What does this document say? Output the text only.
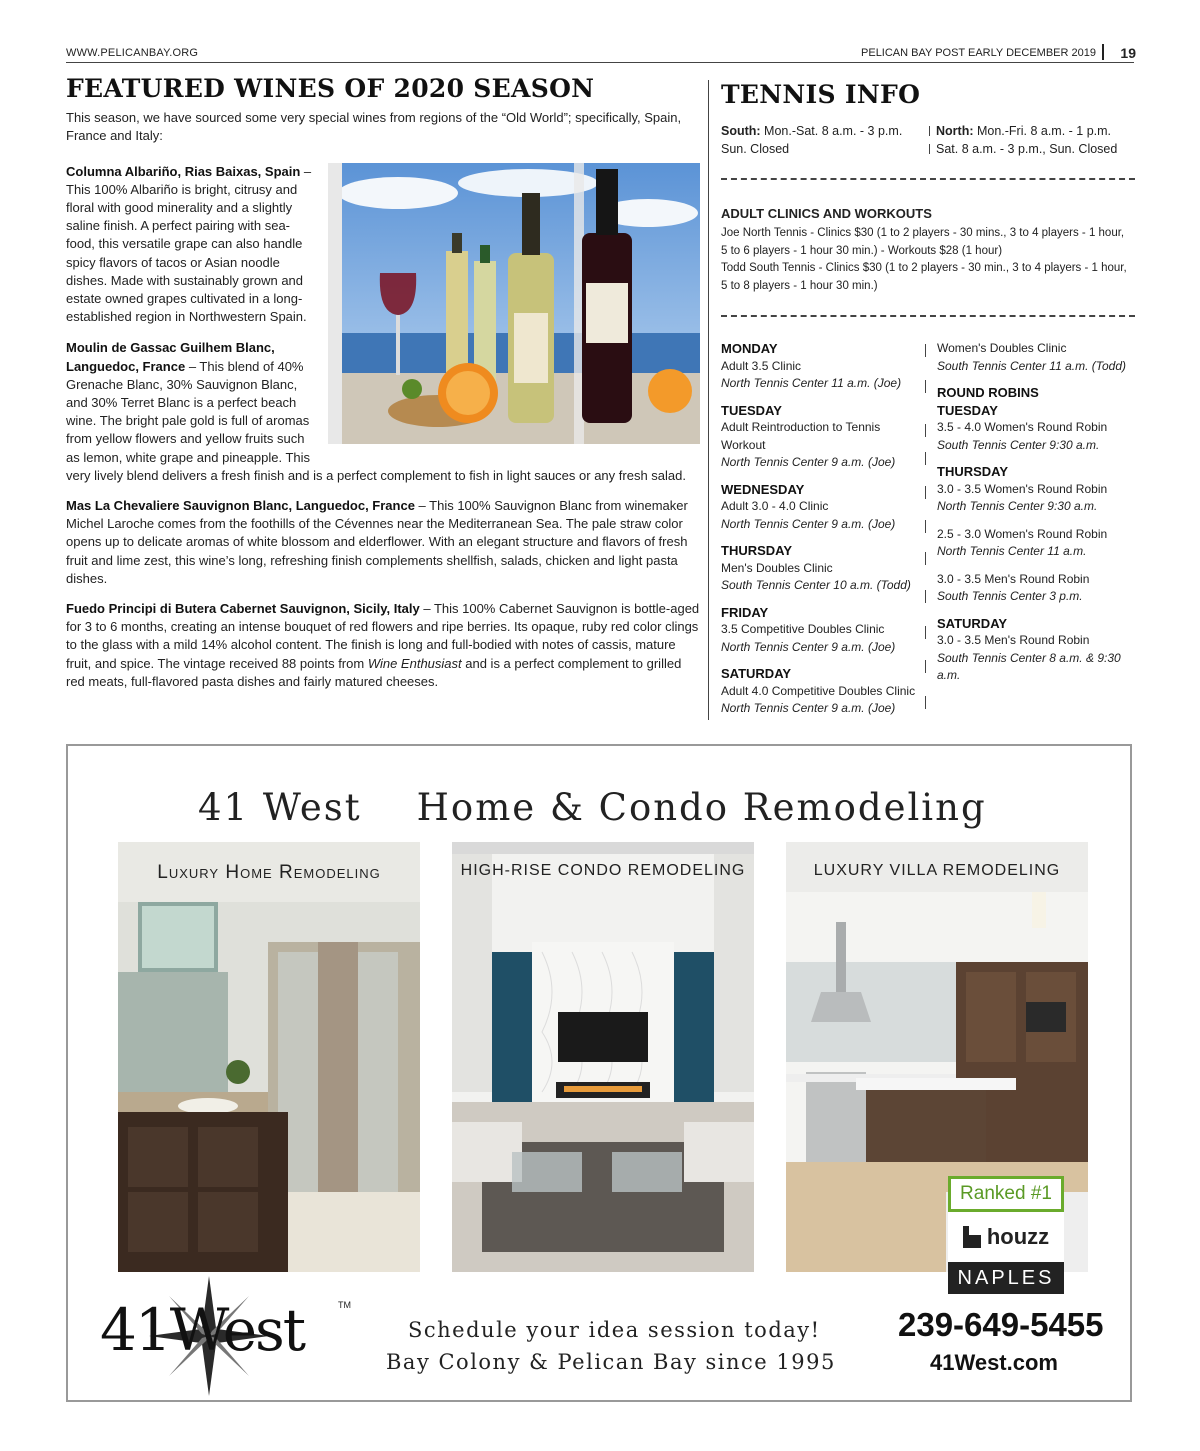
WWW.PELICANBAY.ORG	PELICAN BAY POST EARLY DECEMBER 2019 19
FEATURED WINES OF 2020 SEASON

This season, we have sourced some very special wines from regions of the “Old World”; specifically, Spain, France and Italy:

Columna Albariño, Rias Baixas, Spain – This 100% Albariño is bright, citrusy and floral with good minerality and a slightly saline finish. A perfect pairing with sea-food, this versatile grape can also handle spicy flavors of tacos or Asian noodle dishes. Made with sustainably grown and estate owned grapes cultivated in a long-established region in Northwestern Spain.

Moulin de Gassac Guilhem Blanc, Languedoc, France – This blend of 40% Grenache Blanc, 30% Sauvignon Blanc, and 30% Terret Blanc is a perfect beach wine. The bright pale gold is full of aromas from yellow flowers and yellow fruits such as lemon, white grape and pineapple. This very lively blend delivers a fresh finish and is a perfect complement to fish in light sauces or any fresh salad.

Mas La Chevaliere Sauvignon Blanc, Languedoc, France – This 100% Sauvignon Blanc from winemaker Michel Laroche comes from the foothills of the Cévennes near the Mediterranean Sea. The pale straw color opens up to delicate aromas of white blossom and elderflower. With an elegant structure and flavors of fresh fruit and lime zest, this wine’s long, refreshing finish complements shellfish, salads, chicken and light pasta dishes.

Fuedo Principi di Butera Cabernet Sauvignon, Sicily, Italy – This 100% Cabernet Sauvignon is bottle-aged for 3 to 6 months, creating an intense bouquet of red flowers and ripe berries. Its opaque, ruby red color clings to the glass with a mild 14% alcohol content. The finish is long and full-bodied with notes of cassis, mature fruit, and spice. The vintage received 88 points from Wine Enthusiast and is a perfect complement to grilled red meats, full-flavored pasta dishes and fairly matured cheeses.

TENNIS INFO
South: Mon.-Sat. 8 a.m. - 3 p.m.
Sun. Closed
North: Mon.-Fri. 8 a.m. - 1 p.m.
Sat. 8 a.m. - 3 p.m., Sun. Closed
ADULT CLINICS AND WORKOUTS
Joe North Tennis - Clinics $30 (1 to 2 players - 30 mins., 3 to 4 players - 1 hour,
5 to 6 players - 1 hour 30 min.) - Workouts $28 (1 hour)
Todd South Tennis - Clinics $30 (1 to 2 players - 30 min., 3 to 4 players - 1 hour,
5 to 8 players - 1 hour 30 min.)
MONDAY
Adult 3.5 Clinic
North Tennis Center 11 a.m. (Joe)
TUESDAY
Adult Reintroduction to Tennis Workout
North Tennis Center 9 a.m. (Joe)
WEDNESDAY
Adult 3.0 - 4.0 Clinic
North Tennis Center 9 a.m. (Joe)
THURSDAY
Men's Doubles Clinic
South Tennis Center 10 a.m. (Todd)
FRIDAY
3.5 Competitive Doubles Clinic
North Tennis Center 9 a.m. (Joe)
SATURDAY
Adult 4.0 Competitive Doubles Clinic
North Tennis Center 9 a.m. (Joe)
Women's Doubles Clinic
South Tennis Center 11 a.m. (Todd)
ROUND ROBINS
TUESDAY
3.5 - 4.0 Women's Round Robin
South Tennis Center 9:30 a.m.
THURSDAY
3.0 - 3.5 Women's Round Robin
North Tennis Center 9:30 a.m.
2.5 - 3.0 Women's Round Robin
North Tennis Center 11 a.m.
3.0 - 3.5 Men's Round Robin
South Tennis Center 3 p.m.
SATURDAY
3.0 - 3.5 Men's Round Robin
South Tennis Center 8 a.m. & 9:30 a.m.
41 West    Home & Condo Remodeling
Luxury Home Remodeling	HIGH-RISE CONDO REMODELING	LUXURY VILLA REMODELING
Ranked #1
houzz
NAPLES
41West	TM
Schedule your idea session today!
Bay Colony & Pelican Bay since 1995
239-649-5455
41West.com
